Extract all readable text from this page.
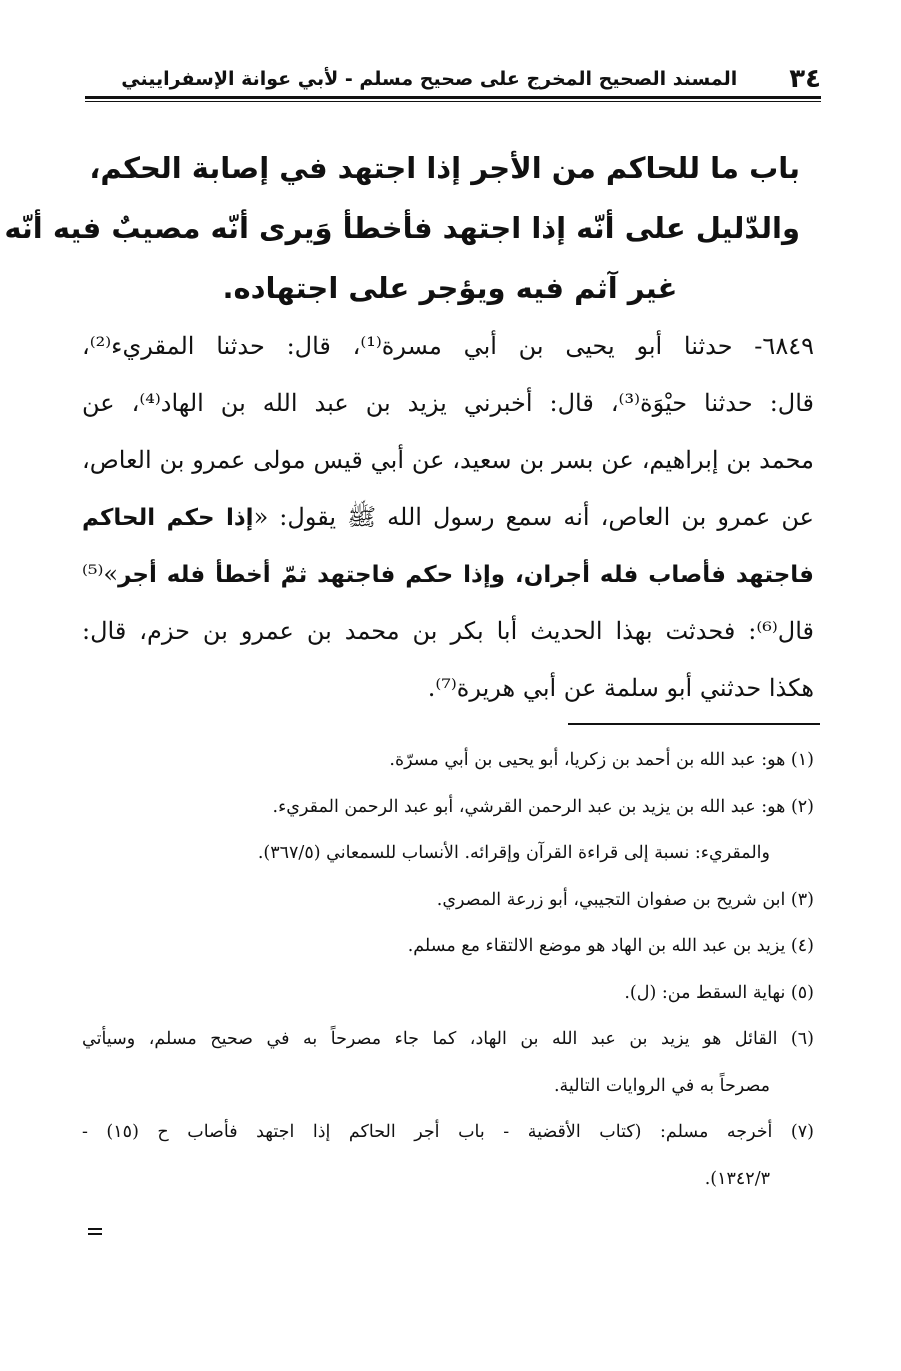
٣٤
المسند الصحيح المخرج على صحيح مسلم - لأبي عوانة الإسفراييني
باب ما للحاكم من الأجر إذا اجتهد في إصابة الحكم،
والدّليل على أنّه إذا اجتهد فأخطأ وَيرى أنّه مصيبٌ فيه أنّه
غير آثم فيه ويؤجر على اجتهاده.
٦٨٤٩- حدثنا أبو يحيى بن أبي مسرة⁽¹⁾، قال: حدثنا المقريء⁽²⁾،
قال: حدثنا حيْوَة⁽³⁾، قال: أخبرني يزيد بن عبد الله بن الهاد⁽⁴⁾، عن
محمد بن إبراهيم، عن بسر بن سعيد، عن أبي قيس مولى عمرو بن العاص،
عن عمرو بن العاص، أنه سمع رسول الله ﷺ يقول: «إذا حكم الحاكم
فاجتهد فأصاب فله أجران، وإذا حكم فاجتهد ثمّ أخطأ فله أجر»⁽⁵⁾
قال⁽⁶⁾: فحدثت بهذا الحديث أبا بكر بن محمد بن عمرو بن حزم، قال:
هكذا حدثني أبو سلمة عن أبي هريرة⁽⁷⁾.
(١) هو: عبد الله بن أحمد بن زكريا، أبو يحيى بن أبي مسرّة.
(٢) هو: عبد الله بن يزيد بن عبد الرحمن القرشي، أبو عبد الرحمن المقريء.
والمقريء: نسبة إلى قراءة القرآن وإقرائه. الأنساب للسمعاني (٣٦٧/٥).
(٣) ابن شريح بن صفوان التجيبي، أبو زرعة المصري.
(٤) يزيد بن عبد الله بن الهاد هو موضع الالتقاء مع مسلم.
(٥) نهاية السقط من: (ل).
(٦) القائل هو يزيد بن عبد الله بن الهاد، كما جاء مصرحاً به في صحيح مسلم، وسيأتي
مصرحاً به في الروايات التالية.
(٧) أخرجه مسلم: (كتاب الأقضية - باب أجر الحاكم إذا اجتهد فأصاب ح (١٥) -
١٣٤٢/٣).
